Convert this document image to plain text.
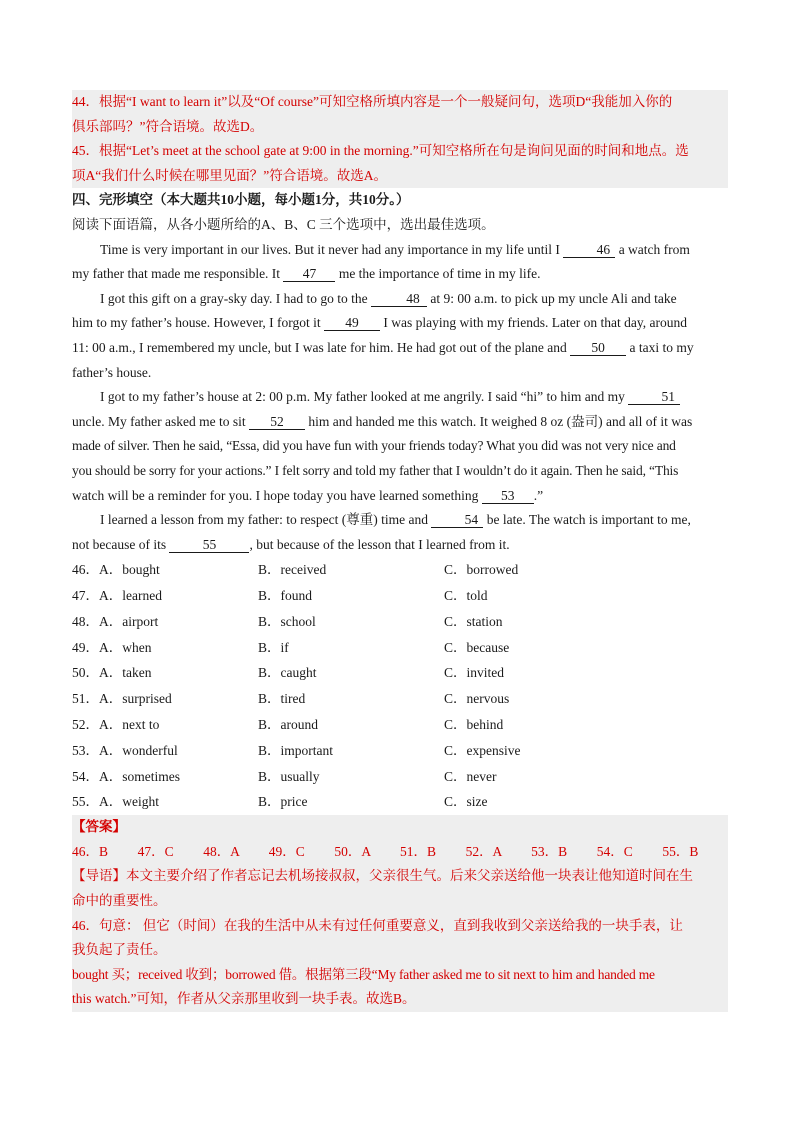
44．根据“I want to learn it”以及“Of course”可知空格所填内容是一个一般疑问句，选项D“我能加入你的

俱乐部吗？”符合语境。故选D。

45．根据“Let’s meet at the school gate at 9:00 in the morning.”可知空格所在句是询问见面的时间和地点。选

项A“我们什么时候在哪里见面？”符合语境。故选A。

四、完形填空（本大题共10小题，每小题1分，共10分。）

阅读下面语篇，从各小题所给的A、B、C 三个选项中，选出最佳选项。

Time is very important in our lives. But it never had any importance in my life until I	46 a watch from

my father that made me responsible. It 47 me the importance of time in my life.

I got this gift on a gray-sky day. I had to go to the	48 at 9: 00 a.m. to pick up my uncle Ali and take

him to my father’s house. However, I forgot it 49 I was playing with my friends. Later on that day, around

11: 00 a.m., I remembered my uncle, but I was late for him. He had got out of the plane and 50 a taxi to my

father’s house.

I got to my father’s house at 2: 00 p.m. My father looked at me angrily. I said “hi” to him and my	51

uncle. My father asked me to sit 52 him and handed me this watch. It weighed 8 oz (盎司) and all of it was

made of silver. Then he said, “Essa, did you have fun with your friends today? What you did was not very nice and

you should be sorry for your actions.” I felt sorry and told my father that I wouldn’t do it again. Then he said, “This

watch will be a reminder for you. I hope today you have learned something 53 .”

I learned a lesson from my father: to respect (尊重) time and	54 be late. The watch is important to me,

not because of its	55 , but because of the lesson that I learned from it.

46．A．bought	B．received	C．borrowed
47．A．learned	B．found	C．told
48．A．airport	B．school	C．station
49．A．when	B．if	C．because
50．A．taken	B．caught	C．invited
51．A．surprised	B．tired	C．nervous
52．A．next to	B．around	C．behind
53．A．wonderful	B．important	C．expensive
54．A．sometimes	B．usually	C．never
55．A．weight	B．price	C．size

【答案】

46．B	47．C	48．A	49．C	50．A	51．B	52．A	53．B	54．C	55．B

【导语】本文主要介绍了作者忘记去机场接叔叔，父亲很生气。后来父亲送给他一块表让他知道时间在生

命中的重要性。

46．句意： 但它（时间）在我的生活中从未有过任何重要意义，直到我收到父亲送给我的一块手表，让

我负起了责任。

bought 买；received 收到；borrowed 借。根据第三段“My father asked me to sit next to him and handed me

this watch.”可知，作者从父亲那里收到一块手表。故选B。
